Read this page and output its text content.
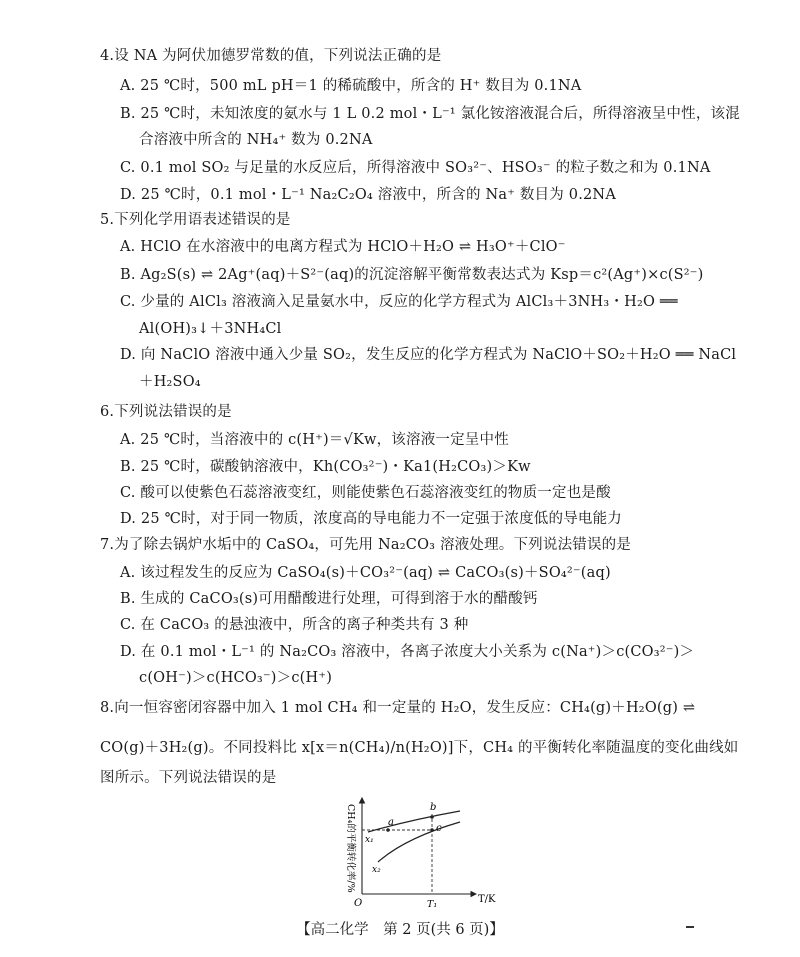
4.设 NA 为阿伏加德罗常数的值，下列说法正确的是
A. 25 ℃时，500 mL pH＝1 的稀硫酸中，所含的 H⁺ 数目为 0.1NA
B. 25 ℃时，未知浓度的氨水与 1 L 0.2 mol・L⁻¹ 氯化铵溶液混合后，所得溶液呈中性，该混
合溶液中所含的 NH₄⁺ 数为 0.2NA
C. 0.1 mol SO₂ 与足量的水反应后，所得溶液中 SO₃²⁻、HSO₃⁻ 的粒子数之和为 0.1NA
D. 25 ℃时，0.1 mol・L⁻¹ Na₂C₂O₄ 溶液中，所含的 Na⁺ 数目为 0.2NA
5.下列化学用语表述错误的是
A. HClO 在水溶液中的电离方程式为 HClO＋H₂O ⇌ H₃O⁺＋ClO⁻
B. Ag₂S(s) ⇌ 2Ag⁺(aq)＋S²⁻(aq)的沉淀溶解平衡常数表达式为 Ksp＝c²(Ag⁺)×c(S²⁻)
C. 少量的 AlCl₃ 溶液滴入足量氨水中，反应的化学方程式为 AlCl₃＋3NH₃・H₂O ══
Al(OH)₃↓＋3NH₄Cl
D. 向 NaClO 溶液中通入少量 SO₂，发生反应的化学方程式为 NaClO＋SO₂＋H₂O ══ NaCl
＋H₂SO₄
6.下列说法错误的是
A. 25 ℃时，当溶液中的 c(H⁺)＝√Kw，该溶液一定呈中性
B. 25 ℃时，碳酸钠溶液中，Kh(CO₃²⁻)・Ka1(H₂CO₃)＞Kw
C. 酸可以使紫色石蕊溶液变红，则能使紫色石蕊溶液变红的物质一定也是酸
D. 25 ℃时，对于同一物质，浓度高的导电能力不一定强于浓度低的导电能力
7.为了除去锅炉水垢中的 CaSO₄，可先用 Na₂CO₃ 溶液处理。下列说法错误的是
A. 该过程发生的反应为 CaSO₄(s)＋CO₃²⁻(aq) ⇌ CaCO₃(s)＋SO₄²⁻(aq)
B. 生成的 CaCO₃(s)可用醋酸进行处理，可得到溶于水的醋酸钙
C. 在 CaCO₃ 的悬浊液中，所含的离子种类共有 3 种
D. 在 0.1 mol・L⁻¹ 的 Na₂CO₃ 溶液中，各离子浓度大小关系为 c(Na⁺)＞c(CO₃²⁻)＞
c(OH⁻)＞c(HCO₃⁻)＞c(H⁺)
8.向一恒容密闭容器中加入 1 mol CH₄ 和一定量的 H₂O，发生反应：CH₄(g)＋H₂O(g) ⇌
CO(g)＋3H₂(g)。不同投料比 x[x＝n(CH₄)/n(H₂O)]下，CH₄ 的平衡转化率随温度的变化曲线如
图所示。下列说法错误的是
CH₄的平衡转化率/%
T/K
O	T₁
a
b
c
x₁
x₂
【高二化学　第 2 页(共 6 页)】
